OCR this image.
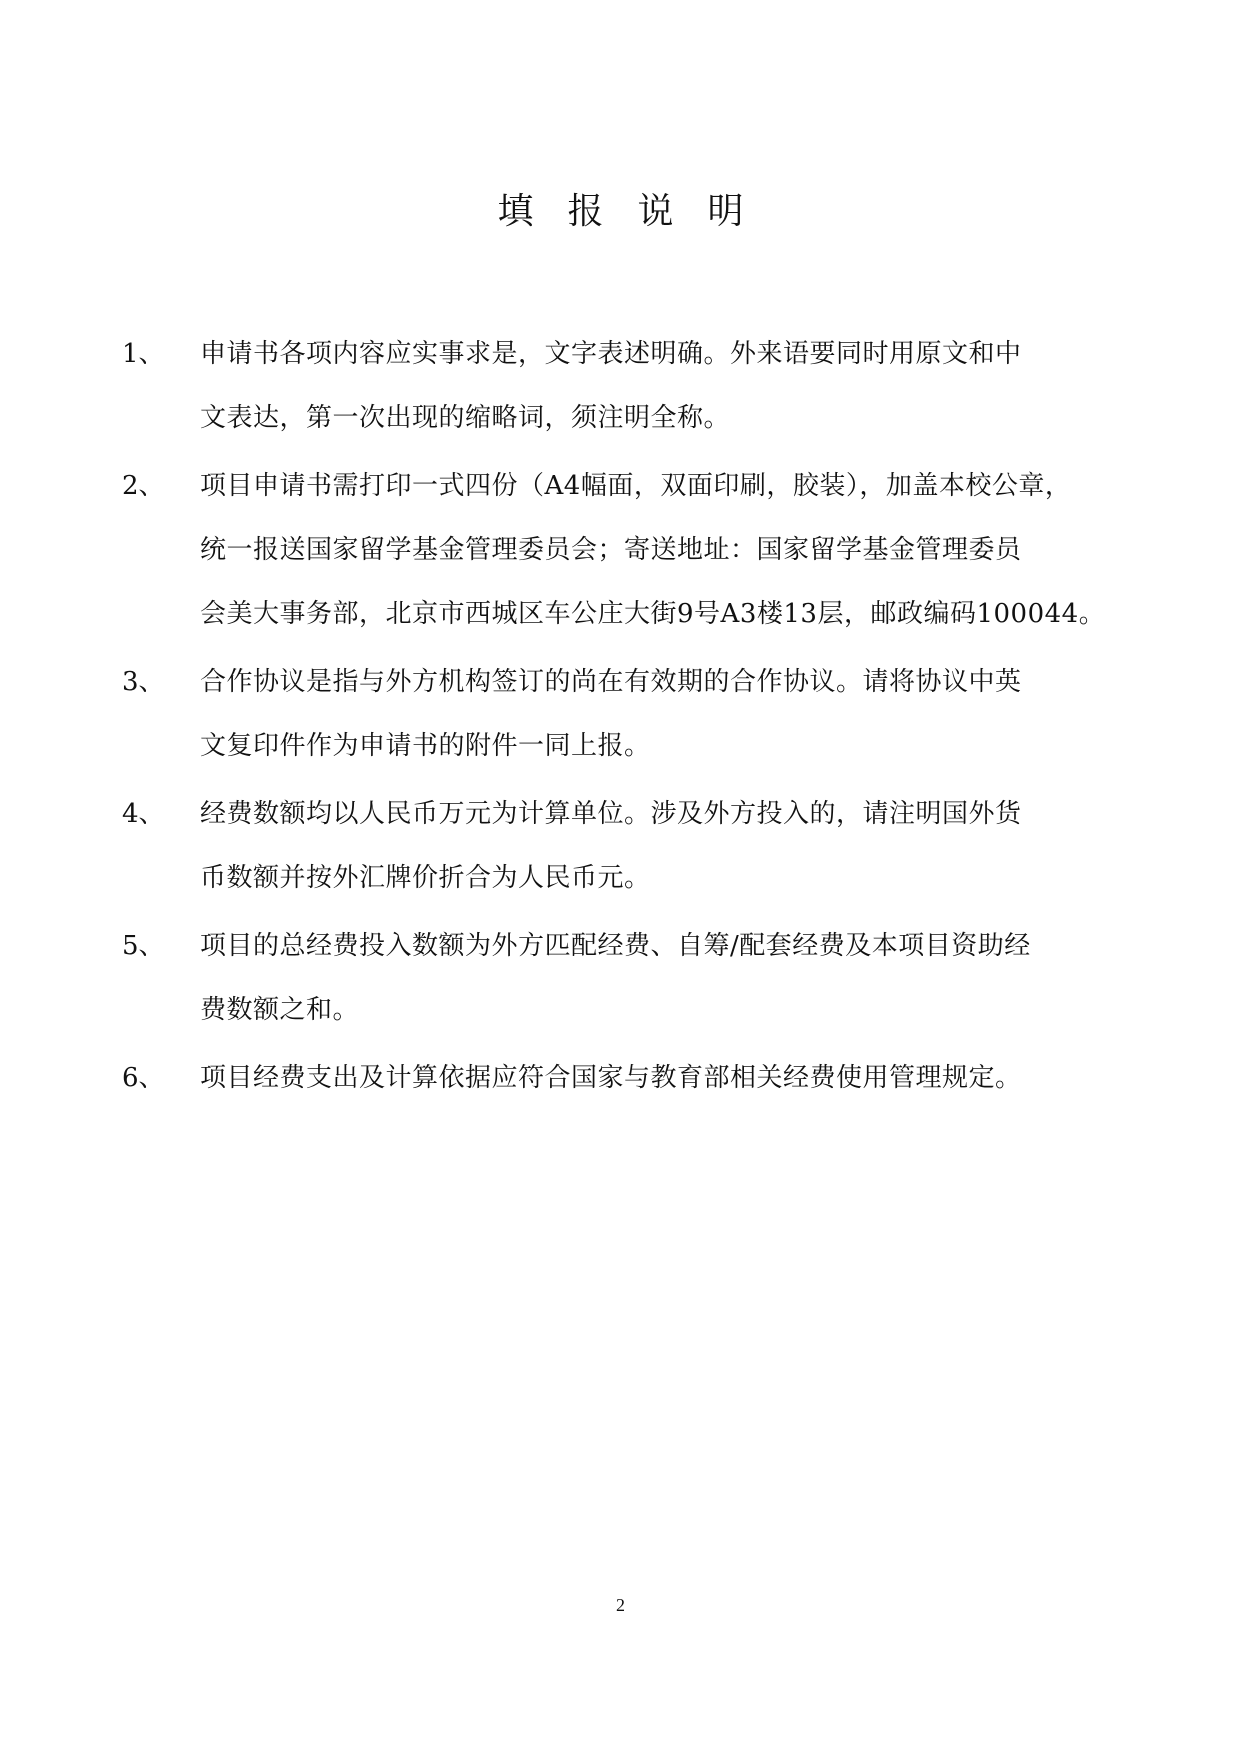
填报说明
1、	申请书各项内容应实事求是，文字表述明确。外来语要同时用原文和中
文表达，第一次出现的缩略词，须注明全称。
2、	项目申请书需打印一式四份（A4幅面，双面印刷，胶装），加盖本校公章，
统一报送国家留学基金管理委员会；寄送地址：国家留学基金管理委员
会美大事务部，北京市西城区车公庄大街9号A3楼13层，邮政编码100044。
3、	合作协议是指与外方机构签订的尚在有效期的合作协议。请将协议中英
文复印件作为申请书的附件一同上报。
4、	经费数额均以人民币万元为计算单位。涉及外方投入的，请注明国外货
币数额并按外汇牌价折合为人民币元。
5、	项目的总经费投入数额为外方匹配经费、自筹/配套经费及本项目资助经
费数额之和。
6、	项目经费支出及计算依据应符合国家与教育部相关经费使用管理规定。
2
